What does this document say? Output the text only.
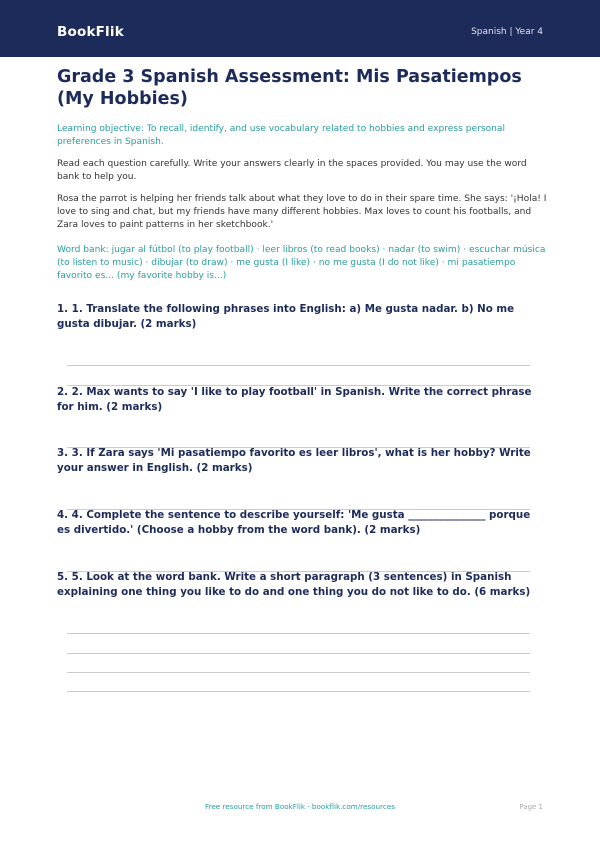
BookFlik	Spanish | Year 4
Grade 3 Spanish Assessment: Mis Pasatiempos (My Hobbies)

Learning objective: To recall, identify, and use vocabulary related to hobbies and express personal preferences in Spanish.

Read each question carefully. Write your answers clearly in the spaces provided. You may use the word bank to help you.

Rosa the parrot is helping her friends talk about what they love to do in their spare time. She says: '¡Hola! I love to sing and chat, but my friends have many different hobbies. Max loves to count his footballs, and Zara loves to paint patterns in her sketchbook.'

Word bank: jugar al fútbol (to play football) · leer libros (to read books) · nadar (to swim) · escuchar música (to listen to music) · dibujar (to draw) · me gusta (I like) · no me gusta (I do not like) · mi pasatiempo favorito es... (my favorite hobby is...)

1. 1. Translate the following phrases into English: a) Me gusta nadar. b) No me gusta dibujar. (2 marks)

2. 2. Max wants to say 'I like to play football' in Spanish. Write the correct phrase for him. (2 marks)

3. 3. If Zara says 'Mi pasatiempo favorito es leer libros', what is her hobby? Write your answer in English. (2 marks)

4. 4. Complete the sentence to describe yourself: 'Me gusta _______________ porque es divertido.' (Choose a hobby from the word bank). (2 marks)

5. 5. Look at the word bank. Write a short paragraph (3 sentences) in Spanish explaining one thing you like to do and one thing you do not like to do. (6 marks)

Free resource from BookFlik · bookflik.com/resources	Page 1
